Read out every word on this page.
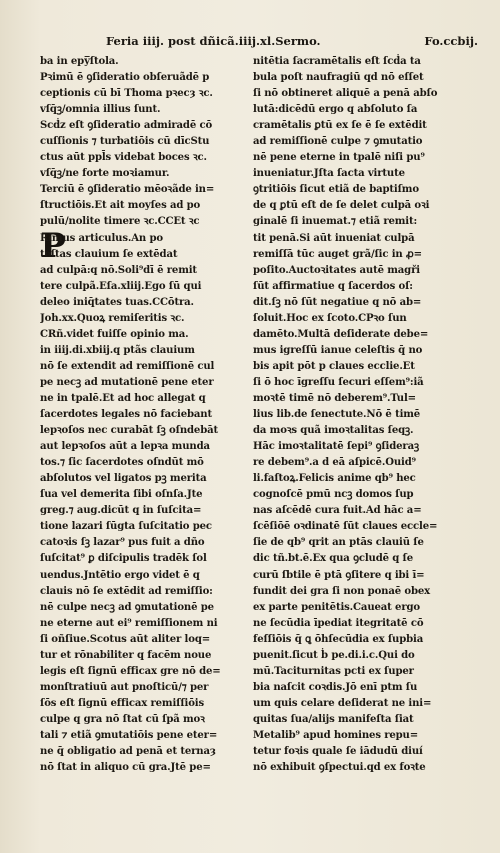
Feria iiij. post dñicã.iiij.xl.Sermo.	Fo.ccbij.
P
ba in epy̅ſtola.
Pꝛimū ē ꝯſideratio obſeruãdē p
ceptionis cū bī Thoma pꝛecȝ ꝛc.
vſq̄ꝫ/omnia illius ſunt.
Scḋz eſt ꝯſideratio admiradē cō
cuſſionis ⁊ turbatiōis cū dīcStu
ctus aūt ppl̄s videbat boces ꝛc.
vſq̄ꝫ/ne forte moꝛiamur.
Terciū ē ꝯſideratio mēoꝛãde in=
ſtructiōis.Et ait moyſes ad po
pulū/nolite timere ꝛc.CCEt ꝛc
Rimus articulus.An po
teſtas clauium ſe extēdat
ad culpā:q nō.Soli⁹dī ē remit
tere culpã.Eſa.xliij.Ego ſū qui
deleo iniq̄tates tuas.CCōtra.
Joh.xx.Quoꝝ remiſeritis ꝛc.
CRñ.videt fuiſſe opinio ma.
in iiij.di.xbiij.q ptãs clauium
nō ſe extendit ad remiſſionē cul
pe necꝫ ad mutationē pene eter
ne in tpalē.Et ad hoc allegat q
ſacerdotes legales nō faciebant
lepꝛoſos nec curabāt ſꝫ oſndebāt
aut lepꝛoſos aūt a lepꝛa munda
tos.⁊ ſic ſacerdotes oſndūt mō
abſolutos vel ligatos pꝫ merita
ſua vel demerita ſibi oſnſa.Jte
greg.⁊ aug.dicūt q in ſuſcita=
tione lazari ſūgta ſuſcitatio pec
catoꝛis ſꝫ lazar⁹ pus fuit a dño
ſuſcitat⁹ ꝑ diſcipulis tradēk ſol
uendus.Jntētio ergo videt ē q
clauis nō ſe extēdit ad remiſſio:
nē culpe necꝫ ad ꝯmutationē pe
ne eterne aut ei⁹ remiſſionem ni
ſi oñſiue.Scotus aūt aliter loq=
tur et rōnabiliter q facēm noue
legis eſt ſignū efficax gre nō de=
monſtratiuū aut pnoſticū/⁊ per
ſōs eſt ſignū efficax remiſſiōis
culpe q gra nō ſtat cū ſpã moꝛ
tali ⁊ etiã ꝯmutatiōis pene eter=
ne q̄ obligatio ad penā et ternaȝ
nō ſtat in aliquo cū gra.Jtē pe=
nitētia ſacramētalis eſt ſcḋa ta
bula poſt naufragiū qd nō eſſet
ſi nō obtineret aliquē a penā abſo
lutā:dicēdū ergo q abſoluto ſa
cramētalis ꝑtū ex ſe ē ſe extēdit
ad remiſſionē culpe ⁊ ꝯmutatio
nē pene eterne in tpalē niſi pu⁹
inueniatur.Jſta ſacta virtute
ꝯtritiōis ſicut etiã de baptiſmo
de q ꝑtū eſt de ſe delet culpā oꝛi
ginalē ſi inuemat.⁊ etiã remit:
tit penā.Si aūt inueniat culpā
remiſſā tūc auget grã/ſic in ꝓ=
poſito.Auctoꝛitates autē magři
ſūt affirmatiue q ſacerdos oſ:
dit.ſꝫ nō ſūt negatiue q nō ab=
ſoluit.Hoc ex ſcoto.CPꝛo ſun
damēto.Multā deſiderate debe=
mus igreſſū ianue celeſtis q̄ no
bis apit pōt p claues ecclie.Et
ſi ō hoc īgreſſu ſecuri eſſem⁹:iã
moꝛtē timē nō deberem⁹.Tul=
lius lib.de ſenectute.Nō ē timē
da moꝛs quã imoꝛtalitas ſeqꝫ.
Hāc imoꝛtalitatē ſepi⁹ ꝯſideraꝫ
re debem⁹.a d eā aſpicē.Ouid⁹
li.faſtoꝝ.Felicis anime qb⁹ hec
cognoſcē pmū ncꝫ domos ſup
nas aſcēdē cura fuit.Ad hāc a=
ſcēſiōē oꝛdinatē ſūt claues eccle=
ſie de qb⁹ qrit an ptās clauiū ſe
dic tñ.bt.ē.Ex qua ꝯcludē q ſe
curū ſbtile ē ptā ꝯſitere q ibi ī=
fundit dei gra ſi non ponaē obex
ex parte penitētis.Caueat ergo
ne ſecūdia īpediat itegritatē cō
feſſiōis q̄ ꝗ ōhſecūdia ex ſupbia
puenit.ſicut ḃ pe.di.i.c.Qui do
mū.Taciturnitas pcti ex ſuper
bia naſcit coꝛdis.Jō enī ptm ſu
um quis celare deſiderat ne ini=
quitas ſua/alijs manifeſta ſiat
Metalib⁹ apud homines repu=
tetur foꝛis quale ſe iādudū diuí
nō exhibuit ꝯſpectui.qd ex foꝛte
